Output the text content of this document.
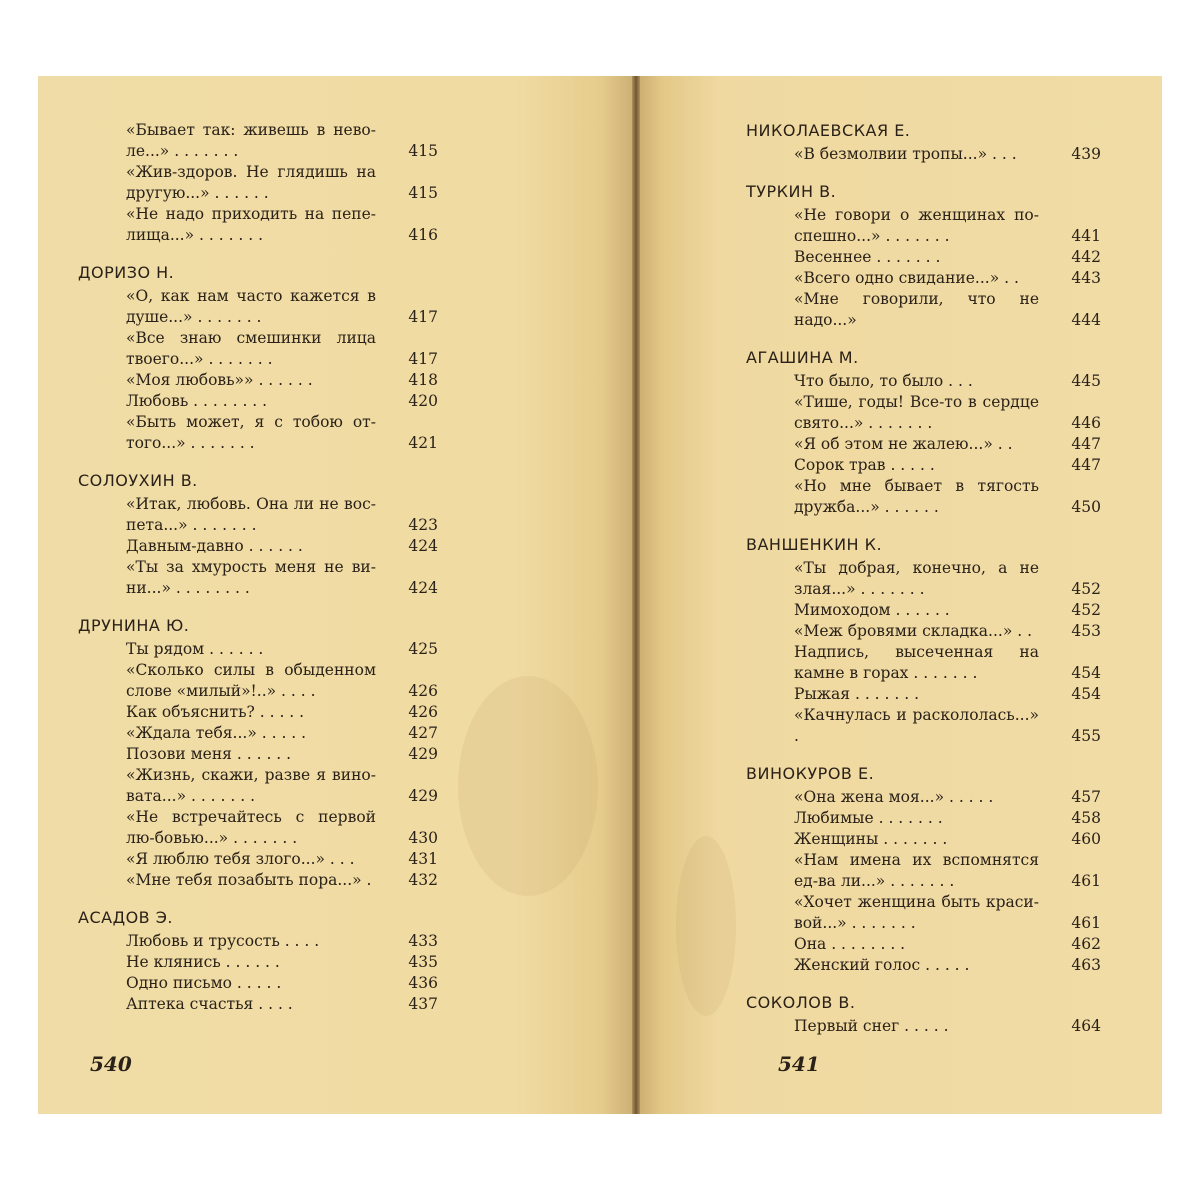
«Бывает так: живешь в нево-ле...» . . . . . . .	415
«Жив-здоров. Не глядишь на другую...» . . . . . .	415
«Не надо приходить на пепе-лища...» . . . . . . .	416
ДОРИЗО Н.
«О, как нам часто кажется в душе...» . . . . . . .	417
«Все знаю смешинки лица твоего...» . . . . . . .	417
«Моя любовь»» . . . . . .	418
Любовь . . . . . . . .	420
«Быть может, я с тобою от-того...» . . . . . . .	421
СОЛОУХИН В.
«Итак, любовь. Она ли не вос-пета...» . . . . . . .	423
Давным-давно . . . . . .	424
«Ты за хмурость меня не ви-ни...» . . . . . . . .	424
ДРУНИНА Ю.
Ты рядом . . . . . .	425
«Сколько силы в обыденном слове «милый»!..» . . . .	426
Как объяснить? . . . . .	426
«Ждала тебя...» . . . . .	427
Позови меня . . . . . .	429
«Жизнь, скажи, разве я вино-вата...» . . . . . . .	429
«Не встречайтесь с первой лю-бовью...» . . . . . . .	430
«Я люблю тебя злого...» . . .	431
«Мне тебя позабыть пора...» .	432
АСАДОВ Э.
Любовь и трусость . . . .	433
Не клянись . . . . . .	435
Одно письмо . . . . .	436
Аптека счастья . . . .	437
540
НИКОЛАЕВСКАЯ Е.
«В безмолвии тропы...» . . .	439
ТУРКИН В.
«Не говори о женщинах по-спешно...» . . . . . . .	441
Весеннее . . . . . . .	442
«Всего одно свидание...» . .	443
«Мне говорили, что не надо...»	444
АГАШИНА М.
Что было, то было . . .	445
«Тише, годы! Все-то в сердце свято...» . . . . . . .	446
«Я об этом не жалею...» . .	447
Сорок трав . . . . .	447
«Но мне бывает в тягость дружба...» . . . . . .	450
ВАНШЕНКИН К.
«Ты добрая, конечно, а не злая...» . . . . . . .	452
Мимоходом . . . . . .	452
«Меж бровями складка...» . .	453
Надпись, высеченная на камне в горах . . . . . . .	454
Рыжая . . . . . . .	454
«Качнулась и раскололась...» .	455
ВИНОКУРОВ Е.
«Она жена моя...» . . . . .	457
Любимые . . . . . . .	458
Женщины . . . . . . .	460
«Нам имена их вспомнятся ед-ва ли...» . . . . . . .	461
«Хочет женщина быть краси-вой...» . . . . . . .	461
Она . . . . . . . .	462
Женский голос . . . . .	463
СОКОЛОВ В.
Первый снег . . . . .	464
541
